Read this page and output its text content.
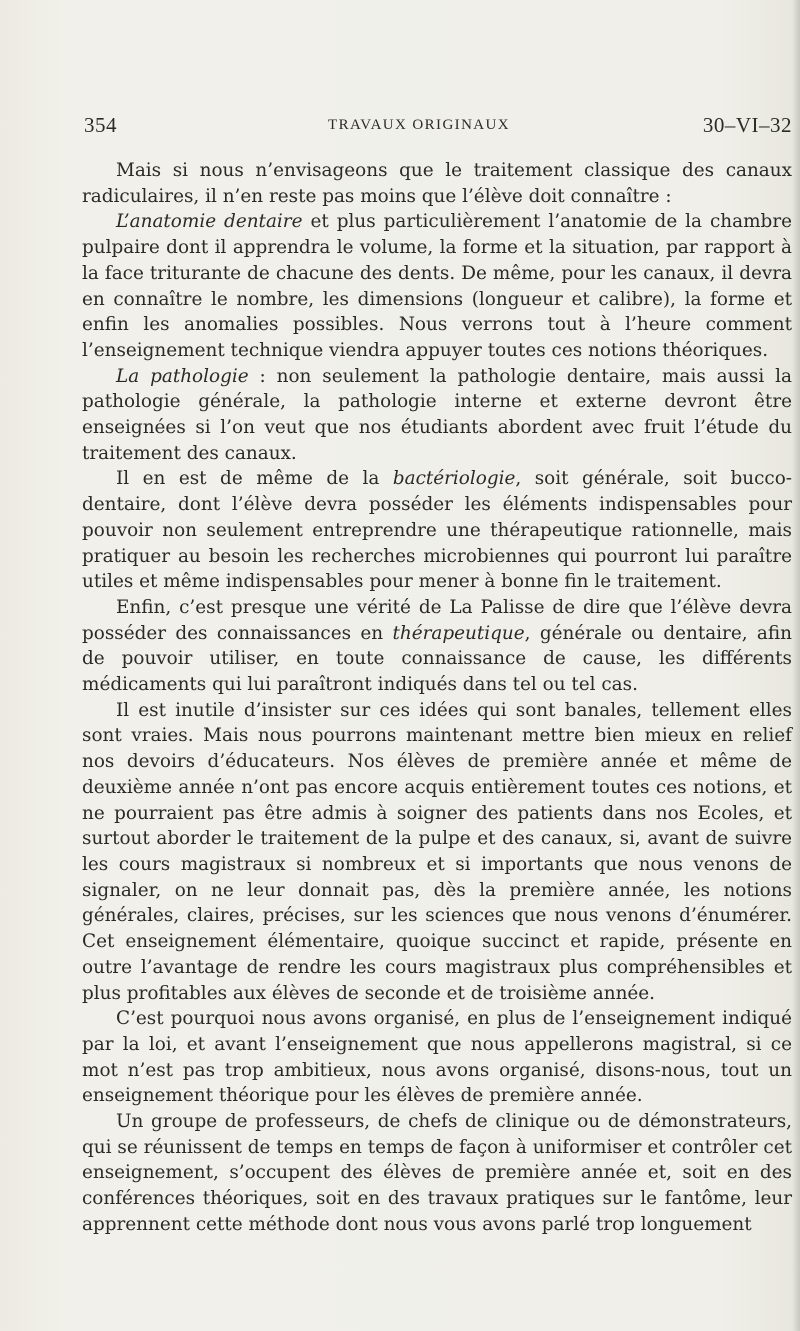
354	TRAVAUX ORIGINAUX	30–VI–32

Mais si nous n’envisageons que le traitement classique des canaux radiculaires, il n’en reste pas moins que l’élève doit connaître :

L’anatomie dentaire et plus particulièrement l’anatomie de la chambre pulpaire dont il apprendra le volume, la forme et la situation, par rapport à la face triturante de chacune des dents. De même, pour les canaux, il devra en connaître le nombre, les dimensions (longueur et calibre), la forme et enfin les anomalies possibles. Nous verrons tout à l’heure comment l’enseignement technique viendra appuyer toutes ces notions théoriques.

La pathologie : non seulement la pathologie dentaire, mais aussi la pathologie générale, la pathologie interne et externe devront être enseignées si l’on veut que nos étudiants abordent avec fruit l’étude du traitement des canaux.

Il en est de même de la bactériologie, soit générale, soit bucco-dentaire, dont l’élève devra posséder les éléments indispensables pour pouvoir non seulement entreprendre une thérapeutique rationnelle, mais pratiquer au besoin les recherches microbiennes qui pourront lui paraître utiles et même indispensables pour mener à bonne fin le traitement.

Enfin, c’est presque une vérité de La Palisse de dire que l’élève devra posséder des connaissances en thérapeutique, générale ou dentaire, afin de pouvoir utiliser, en toute connaissance de cause, les différents médicaments qui lui paraîtront indiqués dans tel ou tel cas.

Il est inutile d’insister sur ces idées qui sont banales, tellement elles sont vraies. Mais nous pourrons maintenant mettre bien mieux en relief nos devoirs d’éducateurs. Nos élèves de première année et même de deuxième année n’ont pas encore acquis entièrement toutes ces notions, et ne pourraient pas être admis à soigner des patients dans nos Ecoles, et surtout aborder le traitement de la pulpe et des canaux, si, avant de suivre les cours magistraux si nombreux et si importants que nous venons de signaler, on ne leur donnait pas, dès la première année, les notions générales, claires, précises, sur les sciences que nous venons d’énumérer. Cet enseignement élémentaire, quoique succinct et rapide, présente en outre l’avantage de rendre les cours magistraux plus compréhensibles et plus profitables aux élèves de seconde et de troisième année.

C’est pourquoi nous avons organisé, en plus de l’enseignement indiqué par la loi, et avant l’enseignement que nous appellerons magistral, si ce mot n’est pas trop ambitieux, nous avons organisé, disons-nous, tout un enseignement théorique pour les élèves de première année.

Un groupe de professeurs, de chefs de clinique ou de démonstrateurs, qui se réunissent de temps en temps de façon à uniformiser et contrôler cet enseignement, s’occupent des élèves de première année et, soit en des conférences théoriques, soit en des travaux pratiques sur le fantôme, leur apprennent cette méthode dont nous vous avons parlé trop longuement
